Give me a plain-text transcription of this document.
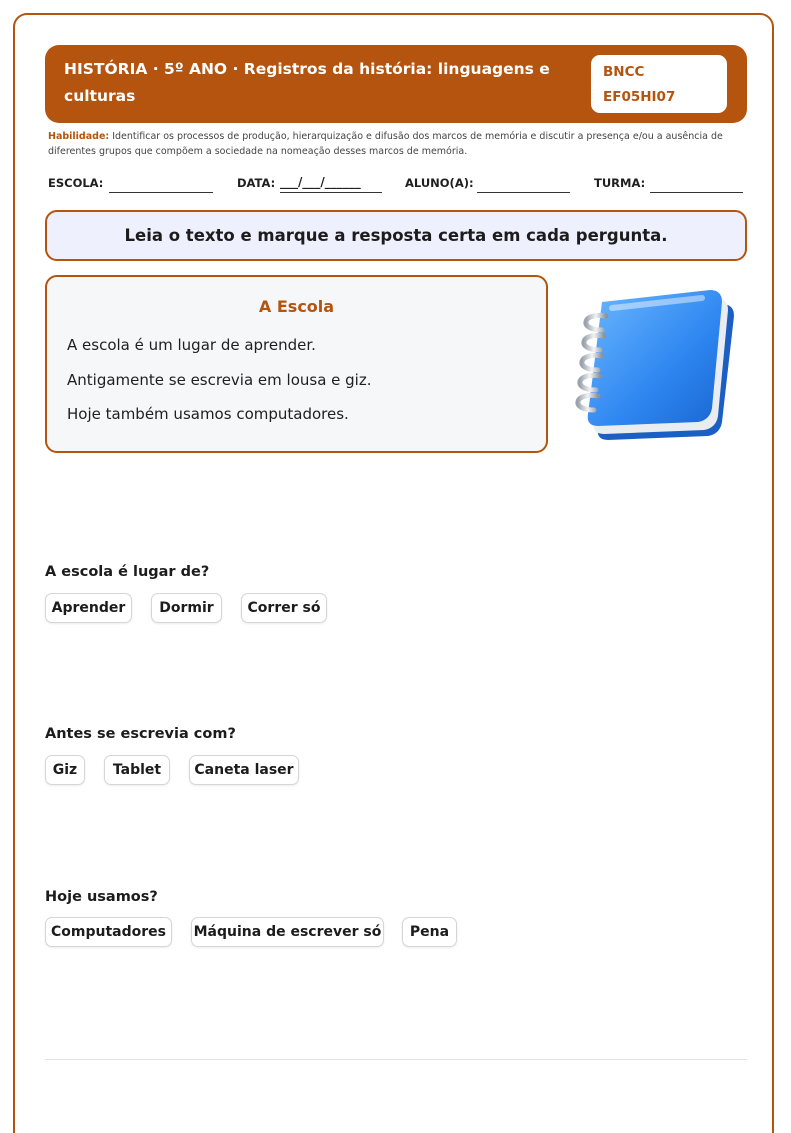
HISTÓRIA · 5º ANO · Registros da história: linguagens e
culturas
BNCC
EF05HI07
Habilidade: Identificar os processos de produção, hierarquização e difusão dos marcos de memória e discutir a presença e/ou a ausência de diferentes grupos que compõem a sociedade na nomeação desses marcos de memória.
ESCOLA:	DATA: ___/___/______	ALUNO(A):	TURMA:
Leia o texto e marque a resposta certa em cada pergunta.
A Escola
A escola é um lugar de aprender.
Antigamente se escrevia em lousa e giz.
Hoje também usamos computadores.
A escola é lugar de?
Aprender	Dormir	Correr só
Antes se escrevia com?
Giz	Tablet	Caneta laser
Hoje usamos?
Computadores	Máquina de escrever só	Pena
